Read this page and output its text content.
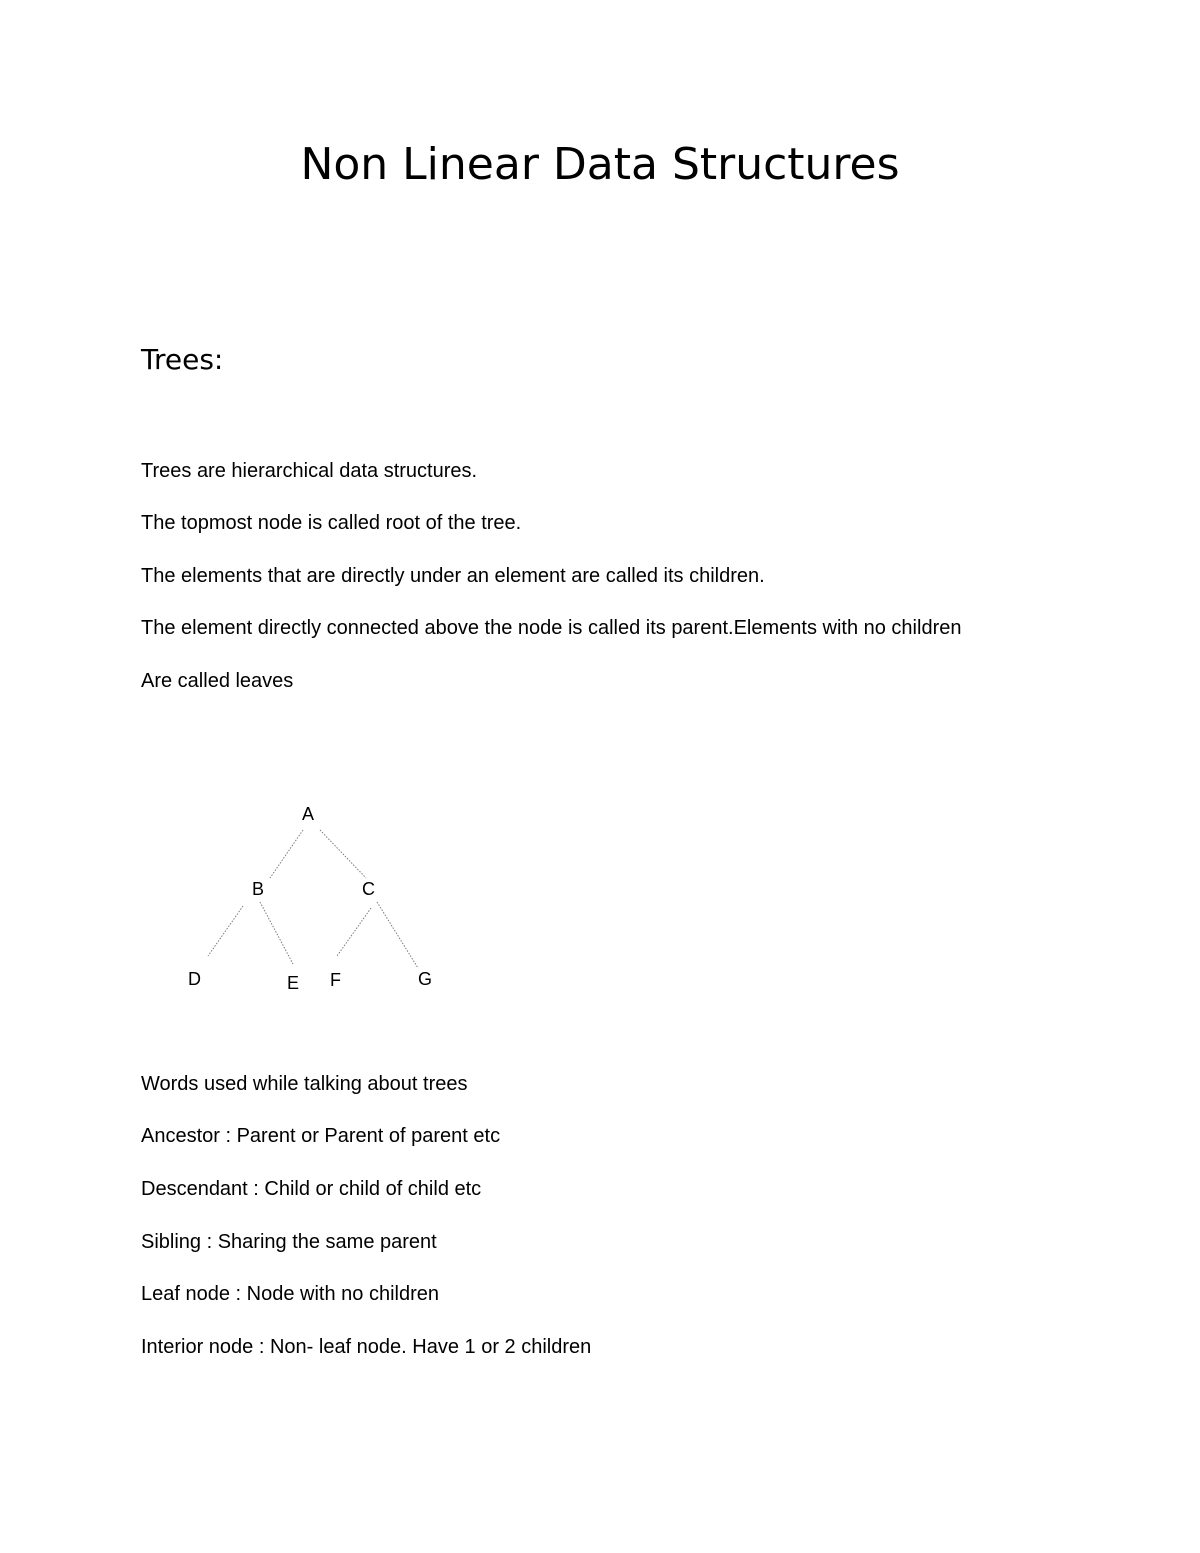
Non Linear Data Structures
Trees:
Trees are hierarchical data structures.
The topmost node is called root of the tree.
The elements that are directly under an element are called its children.
The element directly connected above the node is called its parent.Elements with no children
Are called leaves
A
B	C
D	E F	G
Words used while talking about trees
Ancestor : Parent or Parent of parent etc
Descendant : Child or child of child etc
Sibling : Sharing the same parent
Leaf node : Node with no children
Interior node : Non- leaf node. Have 1 or 2 children
